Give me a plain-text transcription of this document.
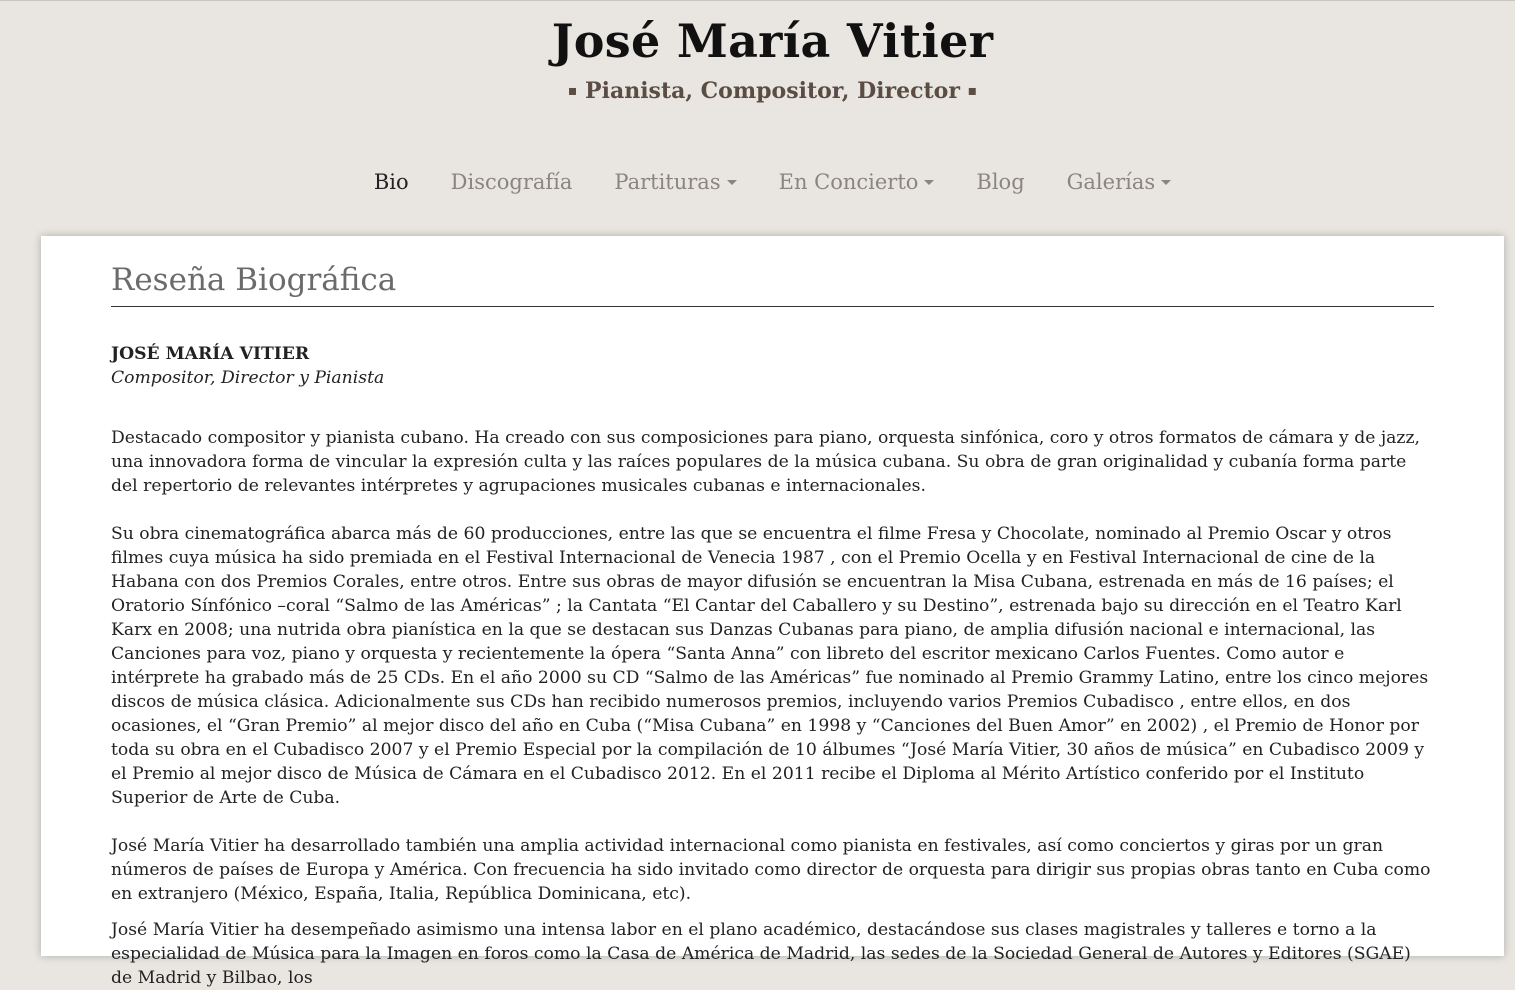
José María Vitier
▪ Pianista, Compositor, Director ▪
Bio	Discografía	Partituras	En Concierto	Blog	Galerías
Reseña Biográfica
JOSÉ MARÍA VITIER
Compositor, Director y Pianista

Destacado compositor y pianista cubano. Ha creado con sus composiciones para piano, orquesta sinfónica, coro y otros formatos de cámara y de jazz, una innovadora forma de vincular la expresión culta y las raíces populares de la música cubana. Su obra de gran originalidad y cubanía forma parte del repertorio de relevantes intérpretes y agrupaciones musicales cubanas e internacionales.

Su obra cinematográfica abarca más de 60 producciones, entre las que se encuentra el filme Fresa y Chocolate, nominado al Premio Oscar y otros filmes cuya música ha sido premiada en el Festival Internacional de Venecia 1987 , con el Premio Ocella y en Festival Internacional de cine de la Habana con dos Premios Corales, entre otros. Entre sus obras de mayor difusión se encuentran la Misa Cubana, estrenada en más de 16 países; el Oratorio Sínfónico –coral “Salmo de las Américas” ; la Cantata “El Cantar del Caballero y su Destino”, estrenada bajo su dirección en el Teatro Karl Karx en 2008; una nutrida obra pianística en la que se destacan sus Danzas Cubanas para piano, de amplia difusión nacional e internacional, las Canciones para voz, piano y orquesta y recientemente la ópera “Santa Anna” con libreto del escritor mexicano Carlos Fuentes. Como autor e intérprete ha grabado más de 25 CDs. En el año 2000 su CD “Salmo de las Américas” fue nominado al Premio Grammy Latino, entre los cinco mejores discos de música clásica. Adicionalmente sus CDs han recibido numerosos premios, incluyendo varios Premios Cubadisco , entre ellos, en dos ocasiones, el “Gran Premio” al mejor disco del año en Cuba (“Misa Cubana” en 1998 y “Canciones del Buen Amor” en 2002) , el Premio de Honor por toda su obra en el Cubadisco 2007 y el Premio Especial por la compilación de 10 álbumes “José María Vitier, 30 años de música” en Cubadisco 2009 y el Premio al mejor disco de Música de Cámara en el Cubadisco 2012. En el 2011 recibe el Diploma al Mérito Artístico conferido por el Instituto Superior de Arte de Cuba.

José María Vitier ha desarrollado también una amplia actividad internacional como pianista en festivales, así como conciertos y giras por un gran números de países de Europa y América. Con frecuencia ha sido invitado como director de orquesta para dirigir sus propias obras tanto en Cuba como en extranjero (México, España, Italia, República Dominicana, etc).

José María Vitier ha desempeñado asimismo una intensa labor en el plano académico, destacándose sus clases magistrales y talleres e torno a la especialidad de Música para la Imagen en foros como la Casa de América de Madrid, las sedes de la Sociedad General de Autores y Editores (SGAE) de Madrid y Bilbao, los
